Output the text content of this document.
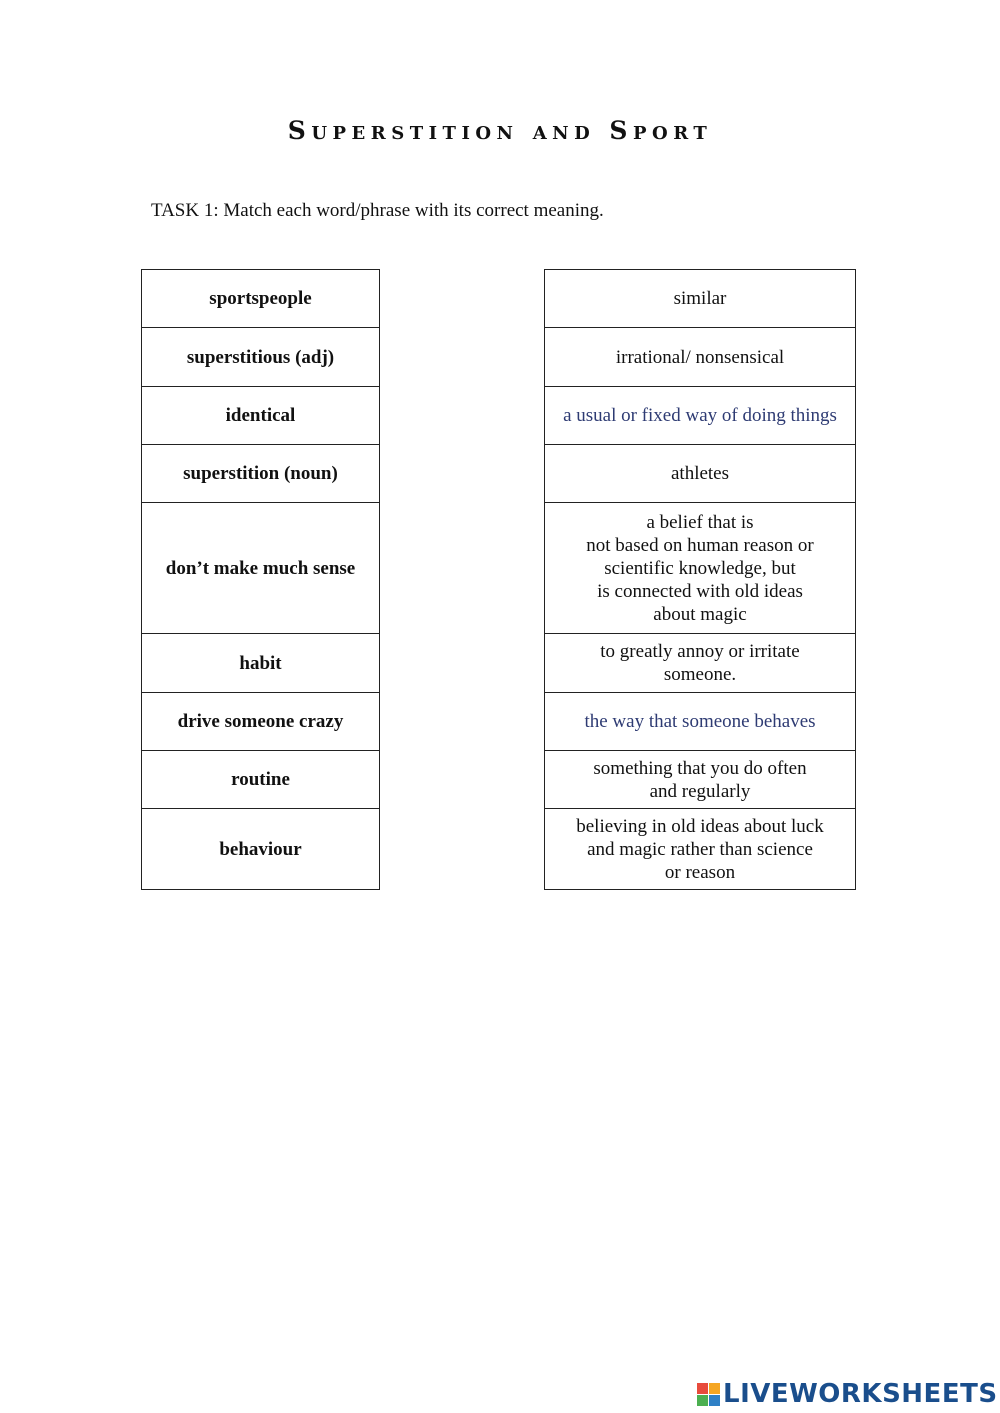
Superstition and Sport
TASK 1: Match each word/phrase with its correct meaning.
sportspeople
superstitious (adj)
identical
superstition (noun)
don’t make much sense
habit
drive someone crazy
routine
behaviour
similar

irrational/ nonsensical

a usual or fixed way of doing things

athletes

a belief that is
not based on human reason or
scientific knowledge, but
is connected with old ideas
about magic

to greatly annoy or irritate
someone.

the way that someone behaves

something that you do often
and regularly

believing in old ideas about luck
and magic rather than science
or reason
LIVEWORKSHEETS
